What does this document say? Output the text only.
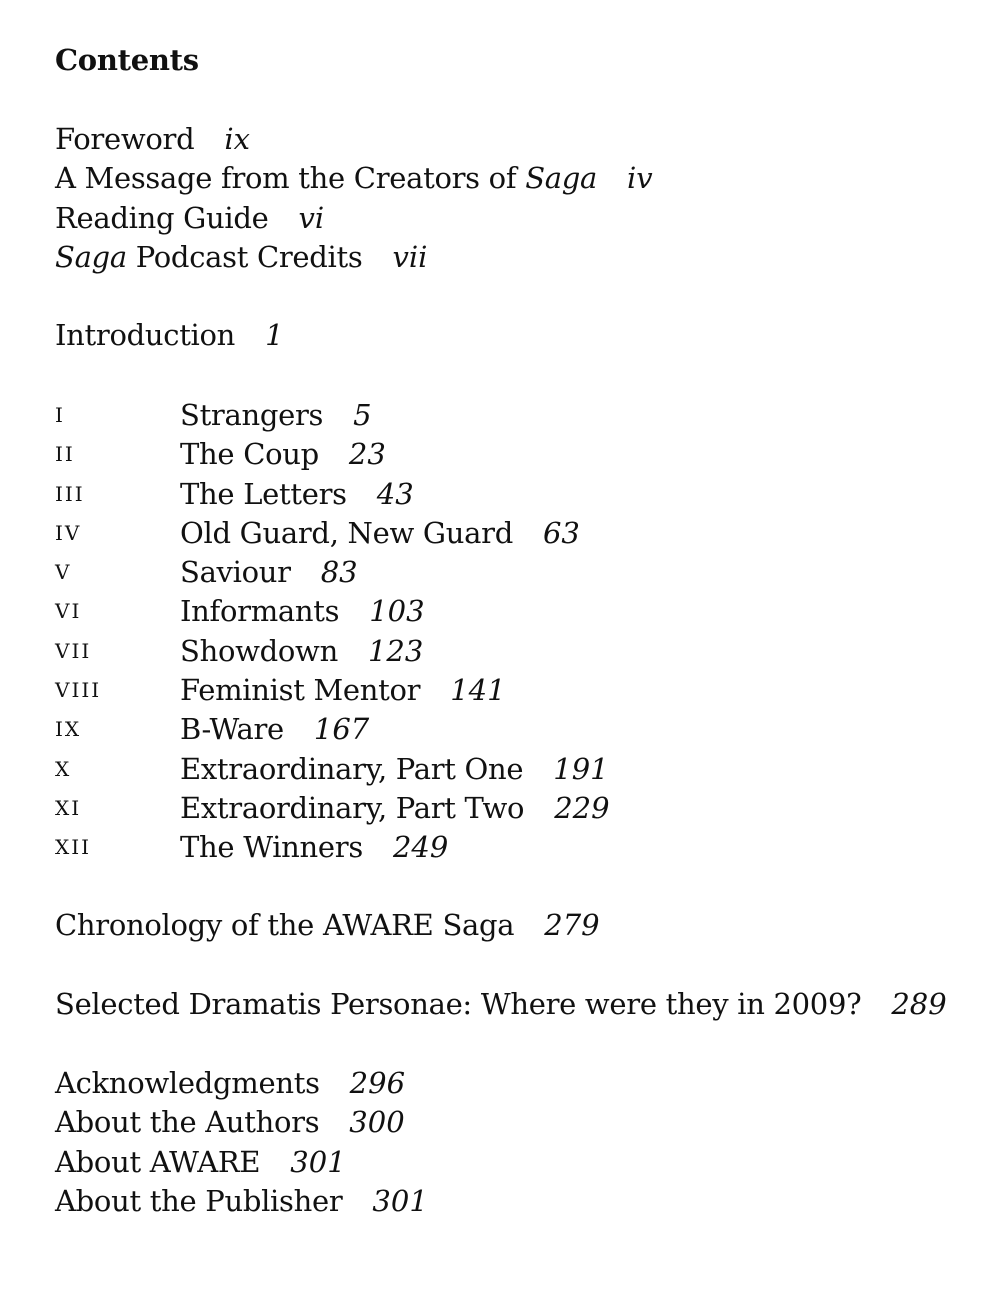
Contents
Foreword ix
A Message from the Creators of Saga iv
Reading Guide vi
Saga Podcast Credits vii
Introduction 1
I	Strangers 5
II	The Coup 23
III	The Letters 43
IV	Old Guard, New Guard 63
V	Saviour 83
VI	Informants 103
VII	Showdown 123
VIII	Feminist Mentor 141
IX	B-Ware 167
X	Extraordinary, Part One 191
XI	Extraordinary, Part Two 229
XII	The Winners 249
Chronology of the AWARE Saga 279
Selected Dramatis Personae: Where were they in 2009? 289
Acknowledgments 296
About the Authors 300
About AWARE 301
About the Publisher 301
